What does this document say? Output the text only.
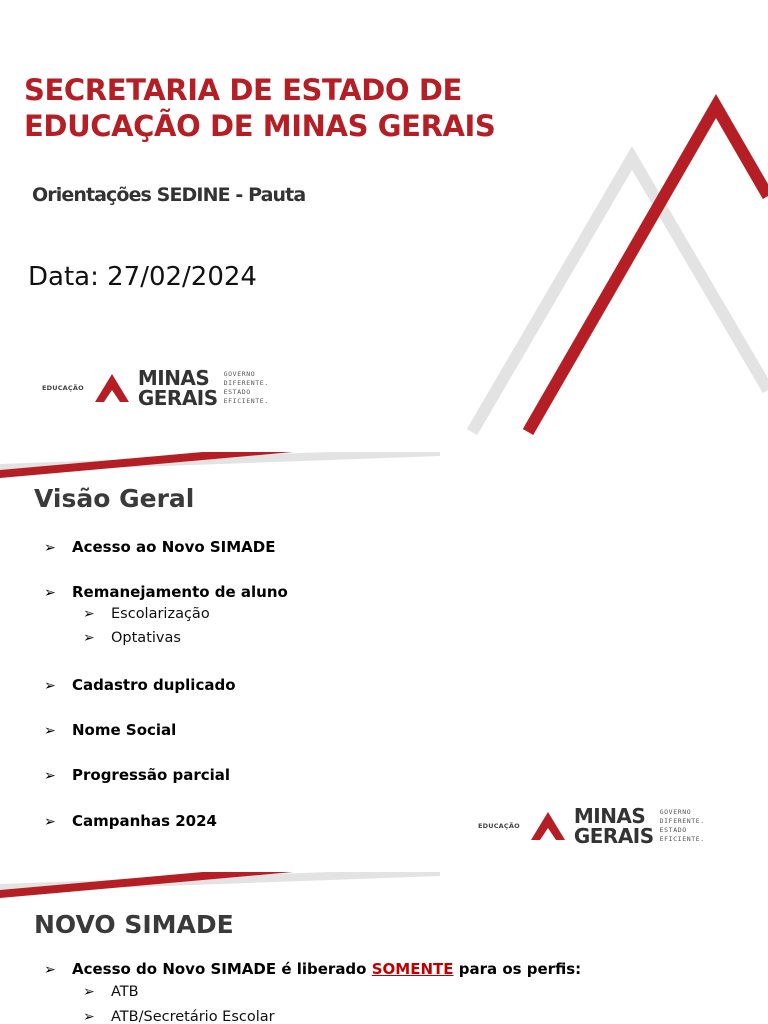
SECRETARIA DE ESTADO DE
EDUCAÇÃO DE MINAS GERAIS
Orientações SEDINE - Pauta
Data: 27/02/2024
EDUCAÇÃO	MINAS
GERAIS
GOVERNO
DIFERENTE.
ESTADO
EFICIENTE.
Visão Geral
➢	Acesso ao Novo SIMADE
➢	Remanejamento de aluno
➢	Escolarização
➢	Optativas
➢	Cadastro duplicado
➢	Nome Social
➢	Progressão parcial
➢	Campanhas 2024	EDUCAÇÃO	MINAS
GERAIS
GOVERNO
DIFERENTE.
ESTADO
EFICIENTE.
NOVO SIMADE
➢	Acesso do Novo SIMADE é liberado
SOMENTE
para os perfis:
➢	ATB
➢	ATB/Secretário Escolar
